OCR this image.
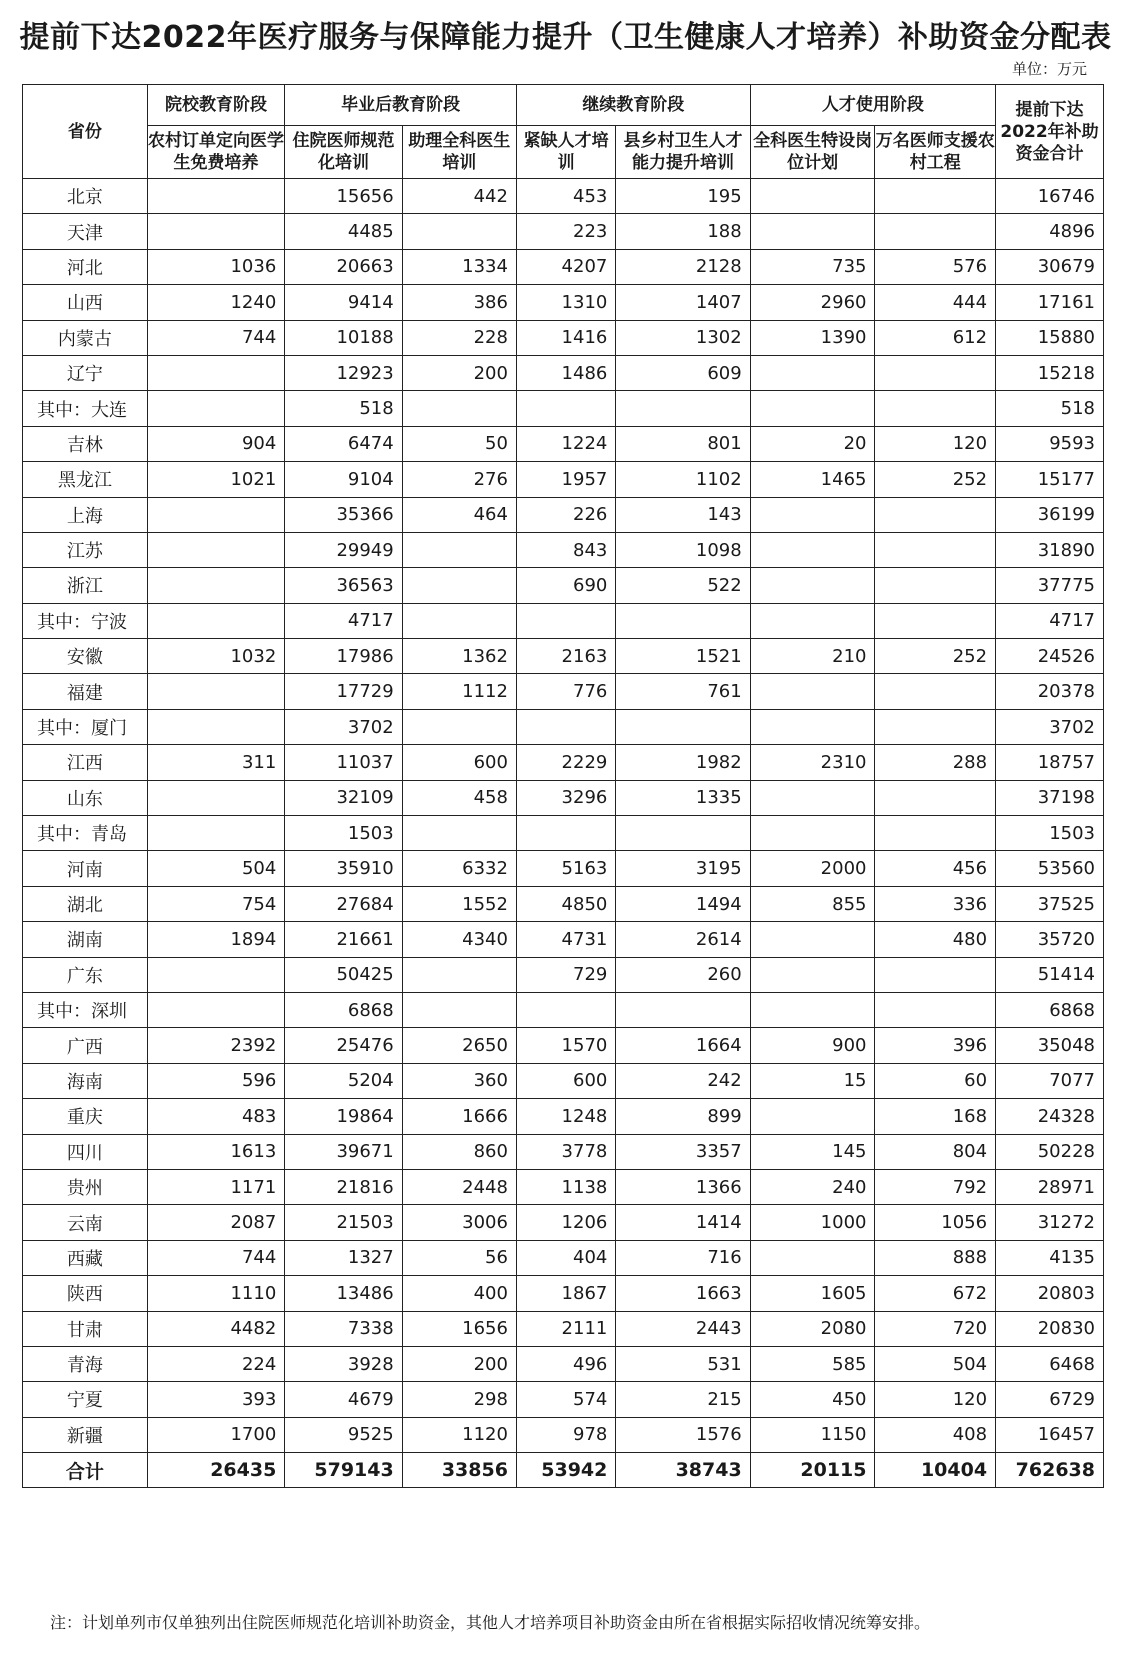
提前下达2022年医疗服务与保障能力提升（卫生健康人才培养）补助资金分配表
单位：万元
省份	院校教育阶段	毕业后教育阶段		继续教育阶段		人才使用阶段		提前下达2022年补助资金合计
	农村订单定向医学生免费培养	住院医师规范化培训	助理全科医生培训	紧缺人才培训	县乡村卫生人才能力提升培训	全科医生特设岗位计划	万名医师支援农村工程	
北京		15656	442	453	195			16746
天津		4485		223	188			4896
河北	1036	20663	1334	4207	2128	735	576	30679
山西	1240	9414	386	1310	1407	2960	444	17161
内蒙古	744	10188	228	1416	1302	1390	612	15880
辽宁		12923	200	1486	609			15218
其中：大连		518						518
吉林	904	6474	50	1224	801	20	120	9593
黑龙江	1021	9104	276	1957	1102	1465	252	15177
上海		35366	464	226	143			36199
江苏		29949		843	1098			31890
浙江		36563		690	522			37775
其中：宁波		4717						4717
安徽	1032	17986	1362	2163	1521	210	252	24526
福建		17729	1112	776	761			20378
其中：厦门		3702						3702
江西	311	11037	600	2229	1982	2310	288	18757
山东		32109	458	3296	1335			37198
其中：青岛		1503						1503
河南	504	35910	6332	5163	3195	2000	456	53560
湖北	754	27684	1552	4850	1494	855	336	37525
湖南	1894	21661	4340	4731	2614		480	35720
广东		50425		729	260			51414
其中：深圳		6868						6868
广西	2392	25476	2650	1570	1664	900	396	35048
海南	596	5204	360	600	242	15	60	7077
重庆	483	19864	1666	1248	899		168	24328
四川	1613	39671	860	3778	3357	145	804	50228
贵州	1171	21816	2448	1138	1366	240	792	28971
云南	2087	21503	3006	1206	1414	1000	1056	31272
西藏	744	1327	56	404	716		888	4135
陕西	1110	13486	400	1867	1663	1605	672	20803
甘肃	4482	7338	1656	2111	2443	2080	720	20830
青海	224	3928	200	496	531	585	504	6468
宁夏	393	4679	298	574	215	450	120	6729
新疆	1700	9525	1120	978	1576	1150	408	16457
合计	26435	579143	33856	53942	38743	20115	10404	762638
注：计划单列市仅单独列出住院医师规范化培训补助资金，其他人才培养项目补助资金由所在省根据实际招收情况统筹安排。
